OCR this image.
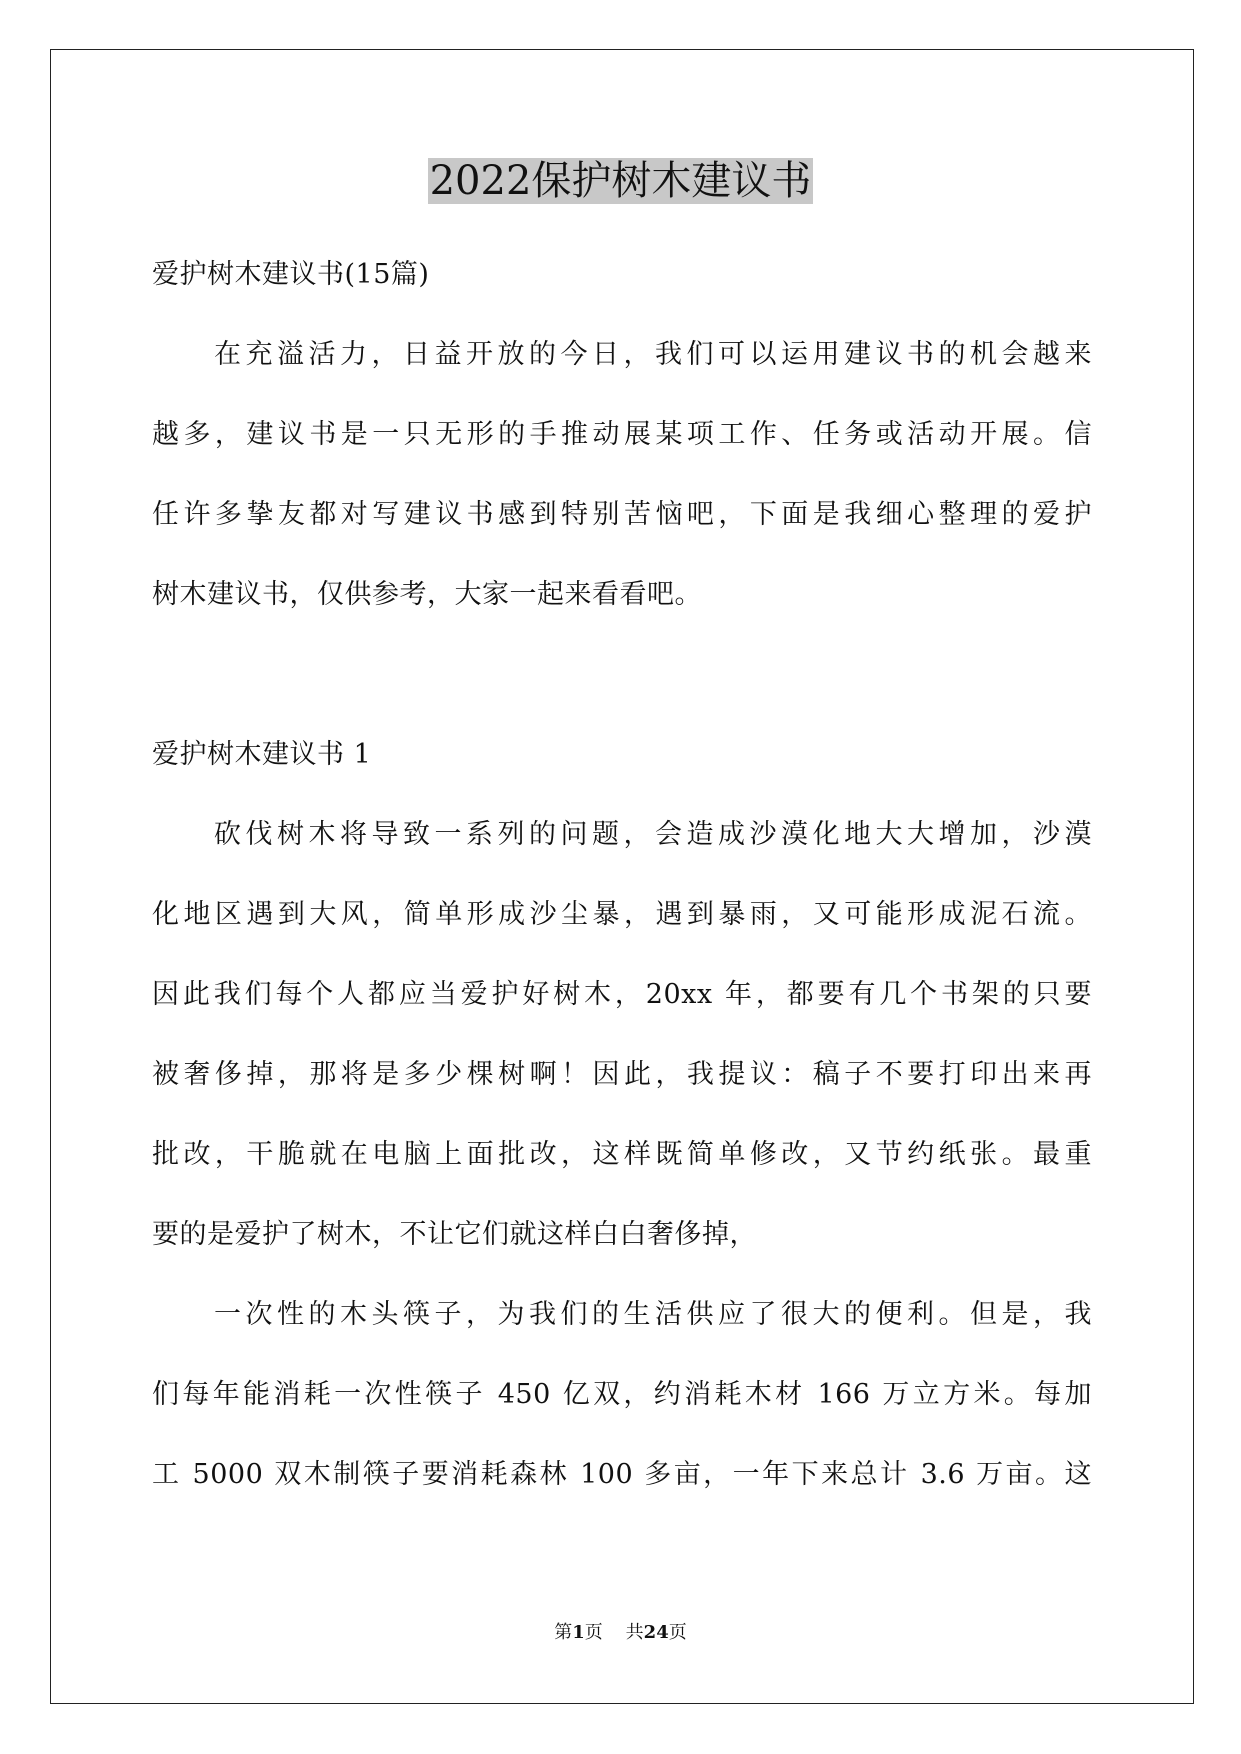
2022保护树木建议书

爱护树木建议书(15篇)

在充溢活力，日益开放的今日，我们可以运用建议书的机会越来

越多，建议书是一只无形的手推动展某项工作、任务或活动开展。信

任许多挚友都对写建议书感到特别苦恼吧，下面是我细心整理的爱护

树木建议书，仅供参考，大家一起来看看吧。

爱护树木建议书 1

砍伐树木将导致一系列的问题，会造成沙漠化地大大增加，沙漠

化地区遇到大风，简单形成沙尘暴，遇到暴雨，又可能形成泥石流。

因此我们每个人都应当爱护好树木，20xx 年，都要有几个书架的只要

被奢侈掉，那将是多少棵树啊！因此，我提议：稿子不要打印出来再

批改，干脆就在电脑上面批改，这样既简单修改，又节约纸张。最重

要的是爱护了树木，不让它们就这样白白奢侈掉，

一次性的木头筷子，为我们的生活供应了很大的便利。但是，我

们每年能消耗一次性筷子 450 亿双，约消耗木材 166 万立方米。每加

工 5000 双木制筷子要消耗森林 100 多亩，一年下来总计 3.6 万亩。这

第1页 共24页
